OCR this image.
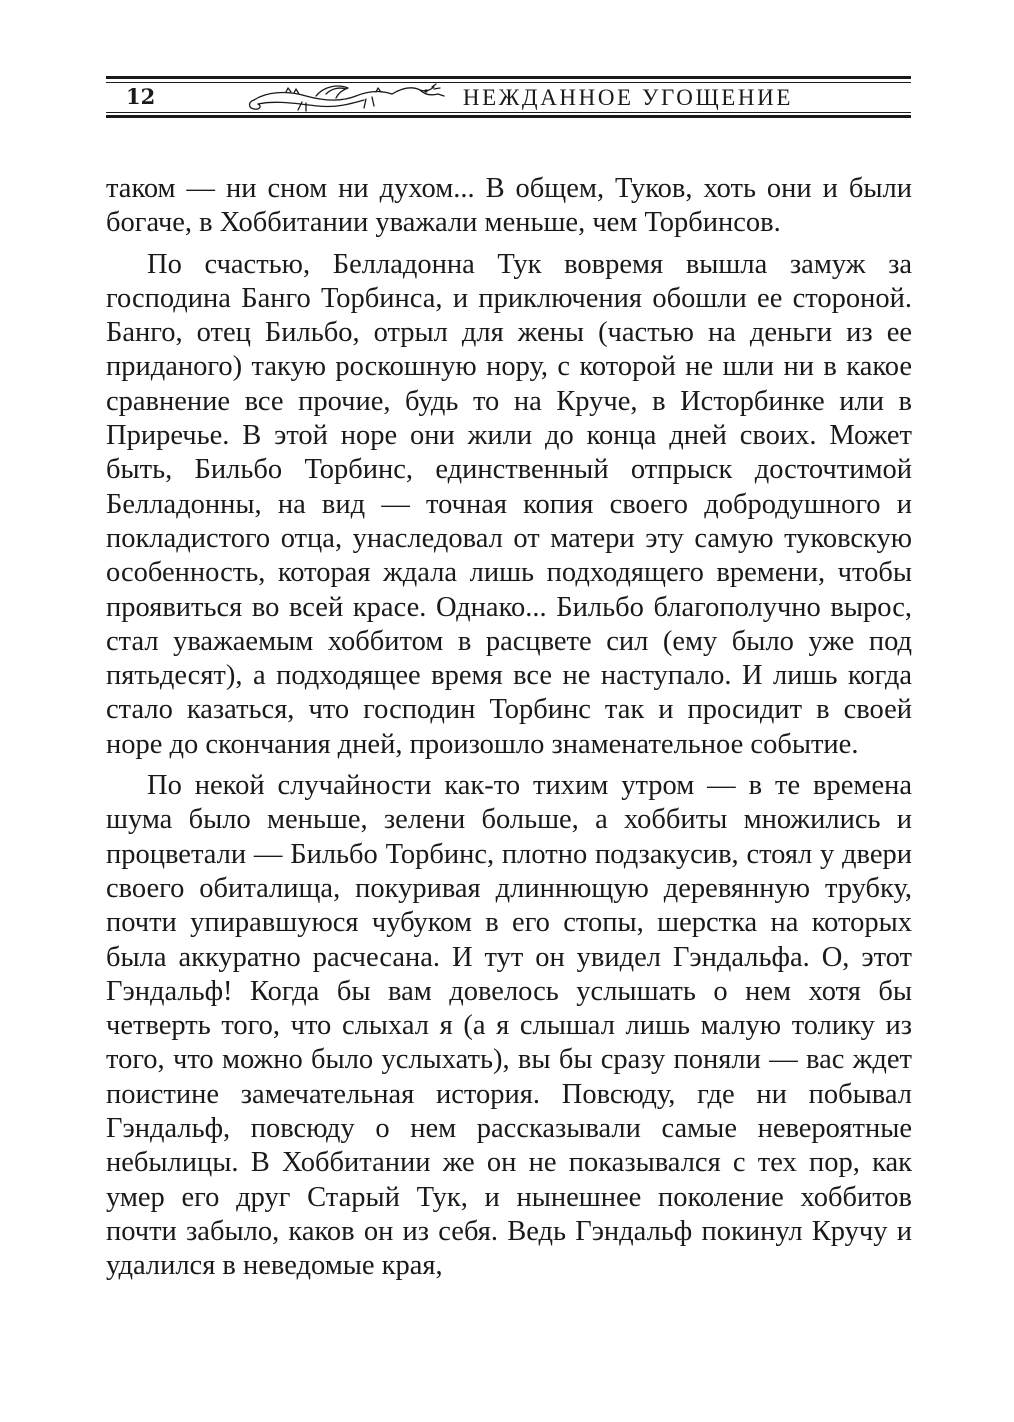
12	НЕЖДАННОЕ УГОЩЕНИЕ

таком — ни сном ни духом... В общем, Туков, хоть они и были богаче, в Хоббитании уважали меньше, чем Торбинсов.

По счастью, Белладонна Тук вовремя вышла замуж за господина Банго Торбинса, и приключения обошли ее стороной. Банго, отец Бильбо, отрыл для жены (частью на деньги из ее приданого) такую роскошную нору, с которой не шли ни в какое сравнение все прочие, будь то на Круче, в Исторбинке или в Приречье. В этой норе они жили до конца дней своих. Может быть, Бильбо Торбинс, единственный отпрыск досточтимой Белладонны, на вид — точная копия своего добродушного и покладистого отца, унаследовал от матери эту самую туковскую особенность, которая ждала лишь подходящего времени, чтобы проявиться во всей красе. Однако... Бильбо благополучно вырос, стал уважаемым хоббитом в расцвете сил (ему было уже под пятьдесят), а подходящее время все не наступало. И лишь когда стало казаться, что господин Торбинс так и просидит в своей норе до скончания дней, произошло знаменательное событие.

По некой случайности как-то тихим утром — в те времена шума было меньше, зелени больше, а хоббиты множились и процветали — Бильбо Торбинс, плотно подзакусив, стоял у двери своего обиталища, покуривая длиннющую деревянную трубку, почти упиравшуюся чубуком в его стопы, шерстка на которых была аккуратно расчесана. И тут он увидел Гэндальфа. О, этот Гэндальф! Когда бы вам довелось услышать о нем хотя бы четверть того, что слыхал я (а я слышал лишь малую толику из того, что можно было услыхать), вы бы сразу поняли — вас ждет поистине замечательная история. Повсюду, где ни побывал Гэндальф, повсюду о нем рассказывали самые невероятные небылицы. В Хоббитании же он не показывался с тех пор, как умер его друг Старый Тук, и нынешнее поколение хоббитов почти забыло, каков он из себя. Ведь Гэндальф покинул Кручу и удалился в неведомые края,
